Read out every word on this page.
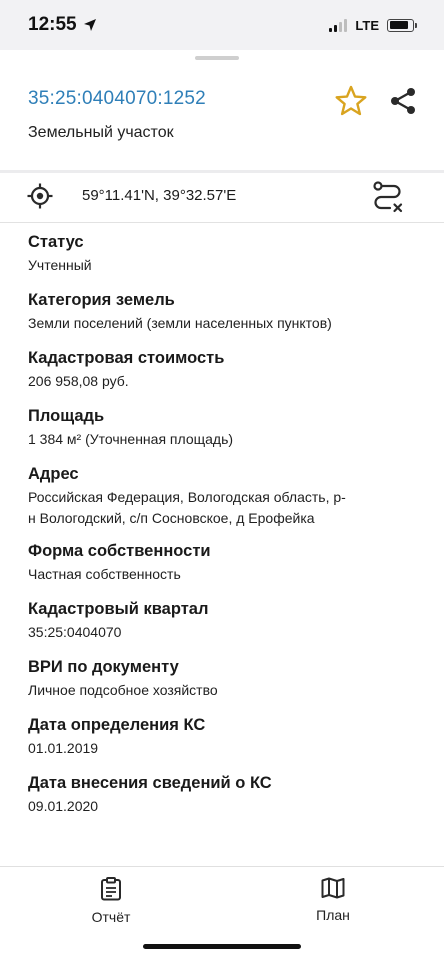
12:55	LTE
35:25:0404070:1252
Земельный участок
59°11.41'N, 39°32.57'E
Статус
Учтенный
Категория земель
Земли поселений (земли населенных пунктов)
Кадастровая стоимость
206 958,08 руб.
Площадь
1 384 м² (Уточненная площадь)
Адрес
Российская Федерация, Вологодская область, р-
н Вологодский, с/п Сосновское, д Ерофейка
Форма собственности
Частная собственность
Кадастровый квартал
35:25:0404070
ВРИ по документу
Личное подсобное хозяйство
Дата определения КС
01.01.2019
Дата внесения сведений о КС
09.01.2020
Отчёт	План
